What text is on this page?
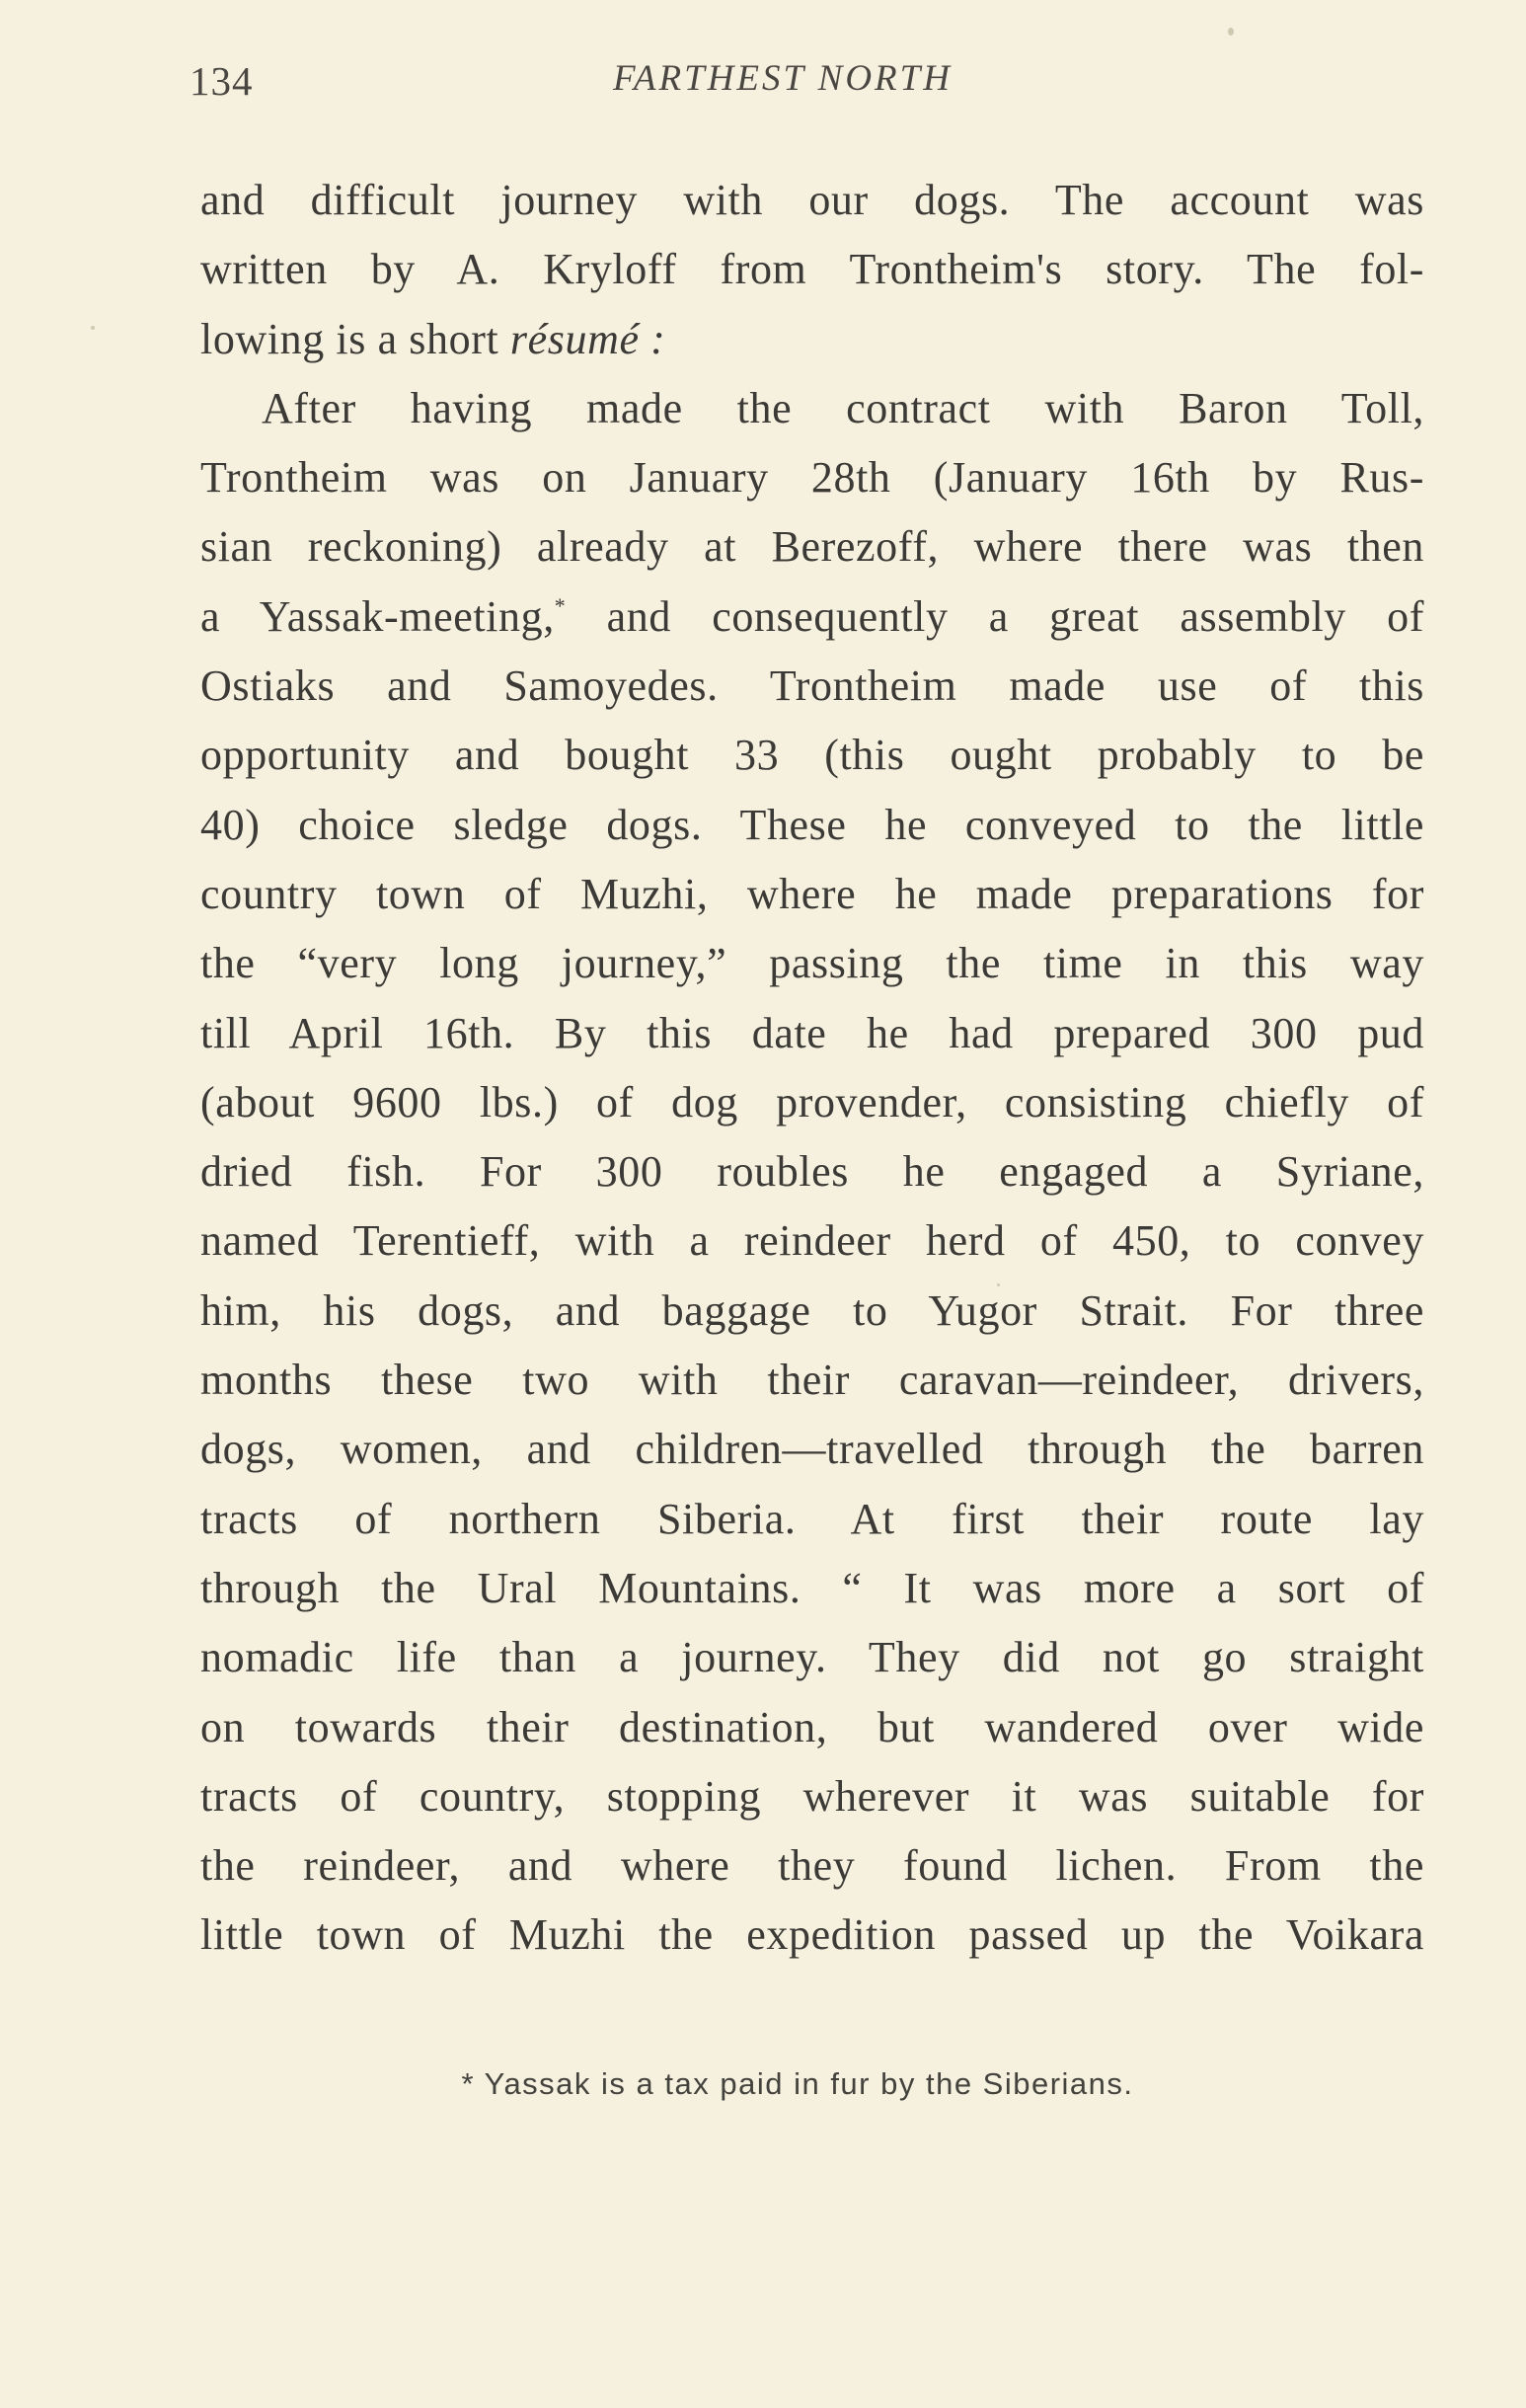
134	FARTHEST NORTH
and difficult journey with our dogs. The account was
written by A. Kryloff from Trontheim's story. The fol-
lowing is a short résumé :
After having made the contract with Baron Toll,
Trontheim was on January 28th (January 16th by Rus-
sian reckoning) already at Berezoff, where there was then
a Yassak-meeting,* and consequently a great assembly of
Ostiaks and Samoyedes. Trontheim made use of this
opportunity and bought 33 (this ought probably to be
40) choice sledge dogs. These he conveyed to the little
country town of Muzhi, where he made preparations for
the “very long journey,” passing the time in this way
till April 16th. By this date he had prepared 300 pud
(about 9600 lbs.) of dog provender, consisting chiefly of
dried fish. For 300 roubles he engaged a Syriane,
named Terentieff, with a reindeer herd of 450, to convey
him, his dogs, and baggage to Yugor Strait. For three
months these two with their caravan—reindeer, drivers,
dogs, women, and children—travelled through the barren
tracts of northern Siberia. At first their route lay
through the Ural Mountains. “ It was more a sort of
nomadic life than a journey. They did not go straight
on towards their destination, but wandered over wide
tracts of country, stopping wherever it was suitable for
the reindeer, and where they found lichen. From the
little town of Muzhi the expedition passed up the Voikara
* Yassak is a tax paid in fur by the Siberians.
